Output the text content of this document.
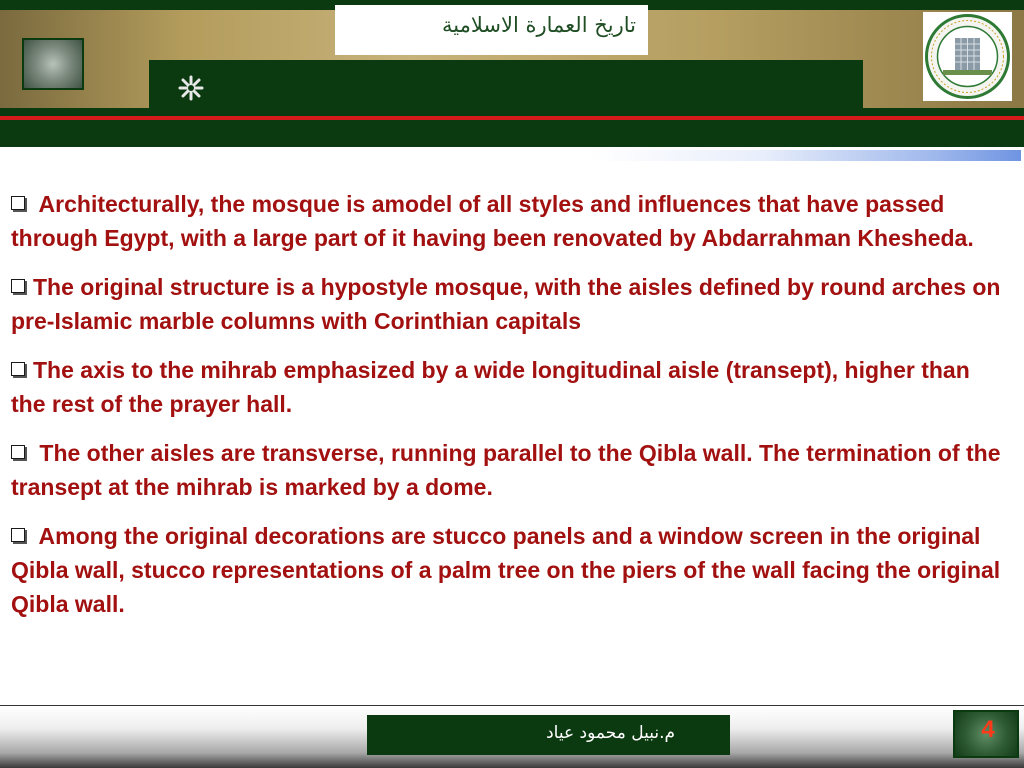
تاريخ العمارة الاسلامية

Architecturally, the mosque is amodel of all styles and influences that have passed through Egypt, with a large part of it having been renovated by Abdarrahman Khesheda.

The original structure is a hypostyle mosque, with the aisles defined by round arches on pre-Islamic marble columns with Corinthian capitals

The axis to the mihrab emphasized by a wide longitudinal aisle (transept), higher than the rest of the prayer hall.

The other aisles are transverse, running parallel to the Qibla wall. The termination of the transept at the mihrab is marked by a dome.

Among the original decorations are stucco panels and a window screen in the original Qibla wall, stucco representations of a palm tree on the piers of the wall facing the original Qibla wall.

م.نبيل محمود عياد	4
